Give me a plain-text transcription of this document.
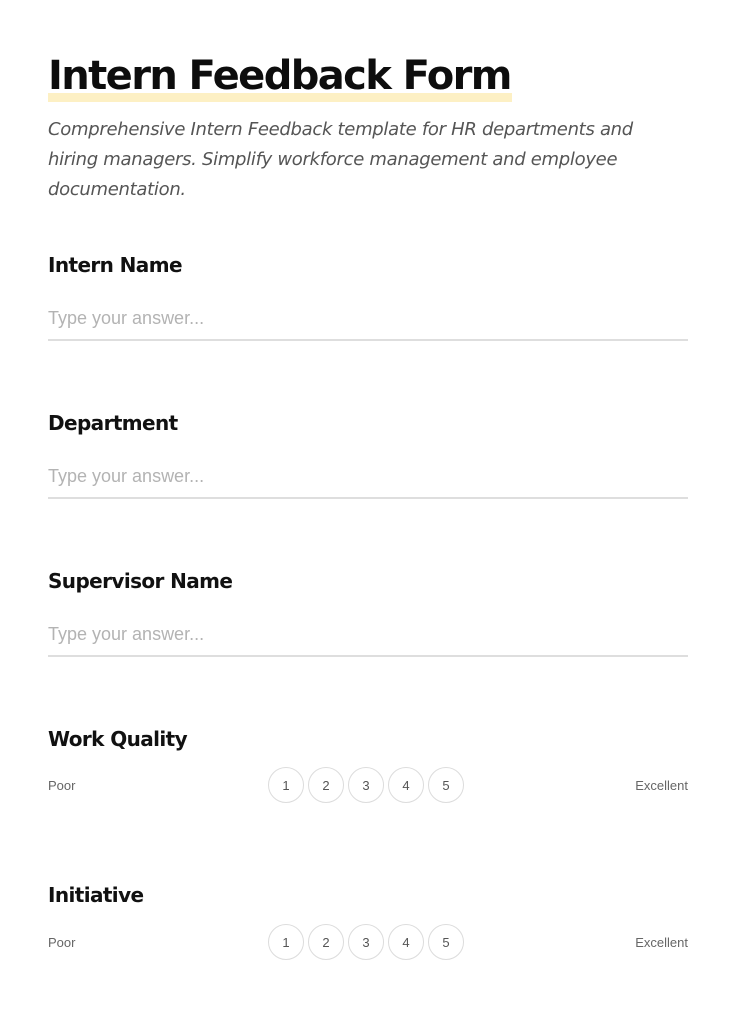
Intern Feedback Form

Comprehensive Intern Feedback template for HR departments and hiring managers. Simplify workforce management and employee documentation.

Intern Name
Type your answer...
Department
Type your answer...
Supervisor Name
Type your answer...
Work Quality
Poor	1	2	3	4	5	Excellent
Initiative
Poor	1	2	3	4	5	Excellent
